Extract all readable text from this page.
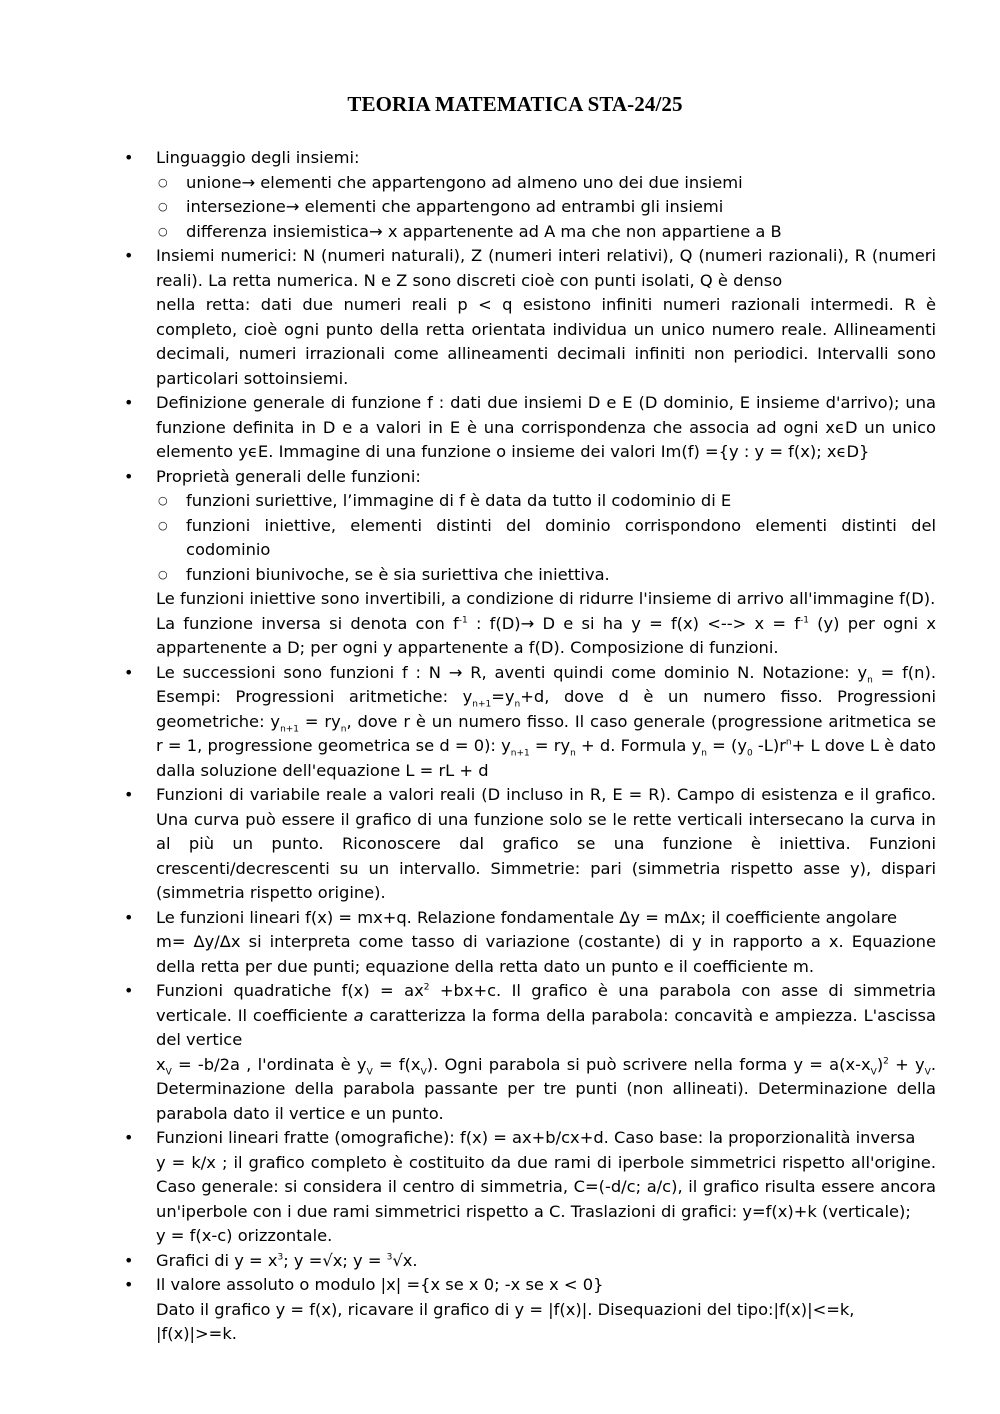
TEORIA MATEMATICA STA-24/25
• Linguaggio degli insiemi:
○ unione→ elementi che appartengono ad almeno uno dei due insiemi
○ intersezione→ elementi che appartengono ad entrambi gli insiemi
○ differenza insiemistica→ x appartenente ad A ma che non appartiene a B
• Insiemi numerici: N (numeri naturali), Z (numeri interi relativi), Q (numeri razionali), R (numeri
reali). La retta numerica. N e Z sono discreti cioè con punti isolati, Q è denso
nella retta: dati due numeri reali p < q esistono infiniti numeri razionali intermedi. R è completo, cioè ogni punto della retta orientata individua un unico numero reale. Allineamenti decimali, numeri irrazionali come allineamenti decimali infiniti non periodici. Intervalli sono particolari sottoinsiemi.
• Definizione generale di funzione f : dati due insiemi D e E (D dominio, E insieme d'arrivo); una funzione definita in D e a valori in E è una corrispondenza che associa ad ogni xϵD un unico elemento yϵE. Immagine di una funzione o insieme dei valori Im(f) ={y : y = f(x); xϵD}
• Proprietà generali delle funzioni:
○ funzioni suriettive, l’immagine di f è data da tutto il codominio di E
○ funzioni iniettive, elementi distinti del dominio corrispondono elementi distinti del codominio
○ funzioni biunivoche, se è sia suriettiva che iniettiva.
Le funzioni iniettive sono invertibili, a condizione di ridurre l'insieme di arrivo all'immagine f(D).
La funzione inversa si denota con $f^{-1}$ : f(D)→ D e si ha y = f(x) <--> $x = f^{-1}$ (y) per ogni x appartenente a D; per ogni y appartenente a f(D). Composizione di funzioni.
• Le successioni sono funzioni f : N → R, aventi quindi come dominio N. Notazione: $y_n = f(n)$. Esempi: Progressioni aritmetiche: $y_{n+1}=y_n+d$, dove d è un numero fisso. Progressioni geometriche: $y_{n+1} = ry_n$, dove r è un numero fisso. Il caso generale (progressione aritmetica se r = 1, progressione geometrica se d = 0): $y_{n+1} = ry_n + d$. Formula $y_n = (y_0$ $-L)r^n+ L$ dove L è dato dalla soluzione dell'equazione L = rL + d
• Funzioni di variabile reale a valori reali (D incluso in R, E = R). Campo di esistenza e il grafico. Una curva può essere il grafico di una funzione solo se le rette verticali intersecano la curva in al più un punto. Riconoscere dal grafico se una funzione è iniettiva. Funzioni crescenti/decrescenti su un intervallo. Simmetrie: pari (simmetria rispetto asse y), dispari (simmetria rispetto origine).
• Le funzioni lineari f(x) = mx+q. Relazione fondamentale Δy = mΔx; il coefficiente angolare
m= Δy/Δx si interpreta come tasso di variazione (costante) di y in rapporto a x. Equazione della retta per due punti; equazione della retta dato un punto e il coefficiente m.
• Funzioni quadratiche $f(x) = ax^2 +bx+c$. Il grafico è una parabola con asse di simmetria verticale. Il coefficiente a caratterizza la forma della parabola: concavità e ampiezza. L'ascissa del vertice
$x_V = -b/2a$ , l'ordinata è $y_V = f(x_V)$. Ogni parabola si può scrivere nella forma $y = a(x-x_V)^2 + y_V$. Determinazione della parabola passante per tre punti (non allineati). Determinazione della parabola dato il vertice e un punto.
• Funzioni lineari fratte (omografiche): f(x) = ax+b/cx+d. Caso base: la proporzionalità inversa
y = k/x ; il grafico completo è costituito da due rami di iperbole simmetrici rispetto all'origine. Caso generale: si considera il centro di simmetria, C=(-d/c; a/c), il grafico risulta essere ancora un'iperbole con i due rami simmetrici rispetto a C. Traslazioni di grafici: y=f(x)+k (verticale);
y = f(x-c) orizzontale.
• Grafici di $y = x^3$; y =√x; y = $^3$√x.
• Il valore assoluto o modulo |x| ={x se x 0; -x se x < 0}
Dato il grafico y = f(x), ricavare il grafico di y = |f(x)|. Disequazioni del tipo:|f(x)|<=k,
|f(x)|>=k.
